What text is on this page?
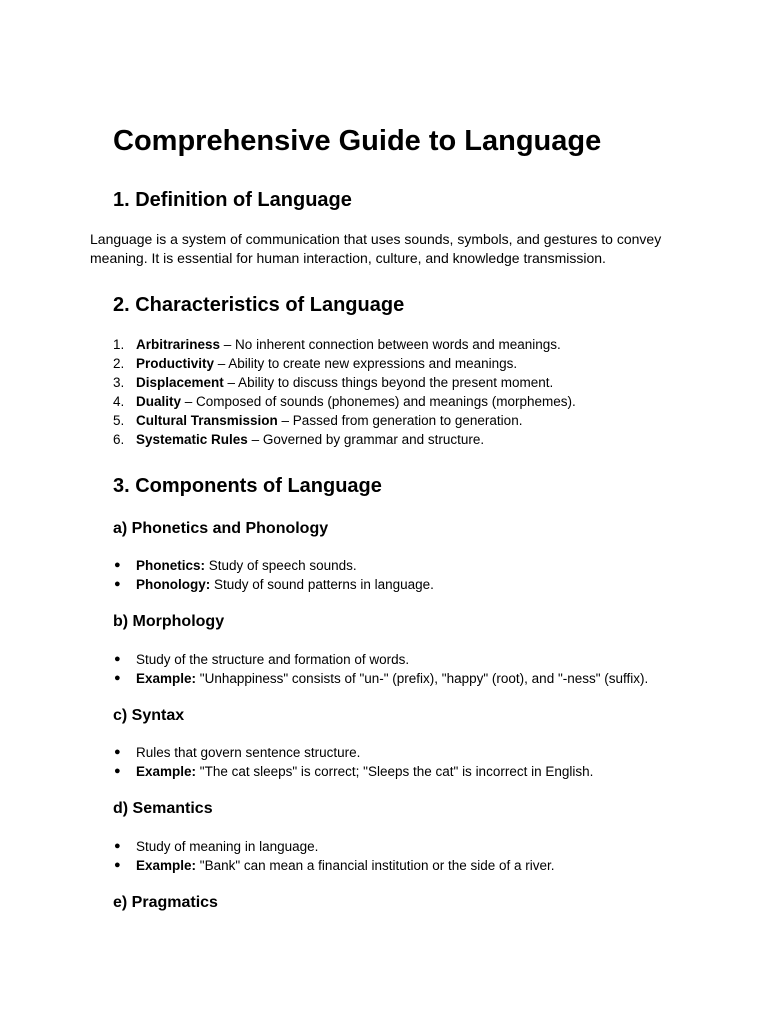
Comprehensive Guide to Language
1. Definition of Language

Language is a system of communication that uses sounds, symbols, and gestures to convey meaning. It is essential for human interaction, culture, and knowledge transmission.

2. Characteristics of Language
1. Arbitrariness – No inherent connection between words and meanings.
2. Productivity – Ability to create new expressions and meanings.
3. Displacement – Ability to discuss things beyond the present moment.
4. Duality – Composed of sounds (phonemes) and meanings (morphemes).
5. Cultural Transmission – Passed from generation to generation.
6. Systematic Rules – Governed by grammar and structure.
3. Components of Language
a) Phonetics and Phonology
● Phonetics: Study of speech sounds.
● Phonology: Study of sound patterns in language.
b) Morphology
● Study of the structure and formation of words.
● Example: "Unhappiness" consists of "un-" (prefix), "happy" (root), and "-ness" (suffix).
c) Syntax
● Rules that govern sentence structure.
● Example: "The cat sleeps" is correct; "Sleeps the cat" is incorrect in English.
d) Semantics
● Study of meaning in language.
● Example: "Bank" can mean a financial institution or the side of a river.
e) Pragmatics
